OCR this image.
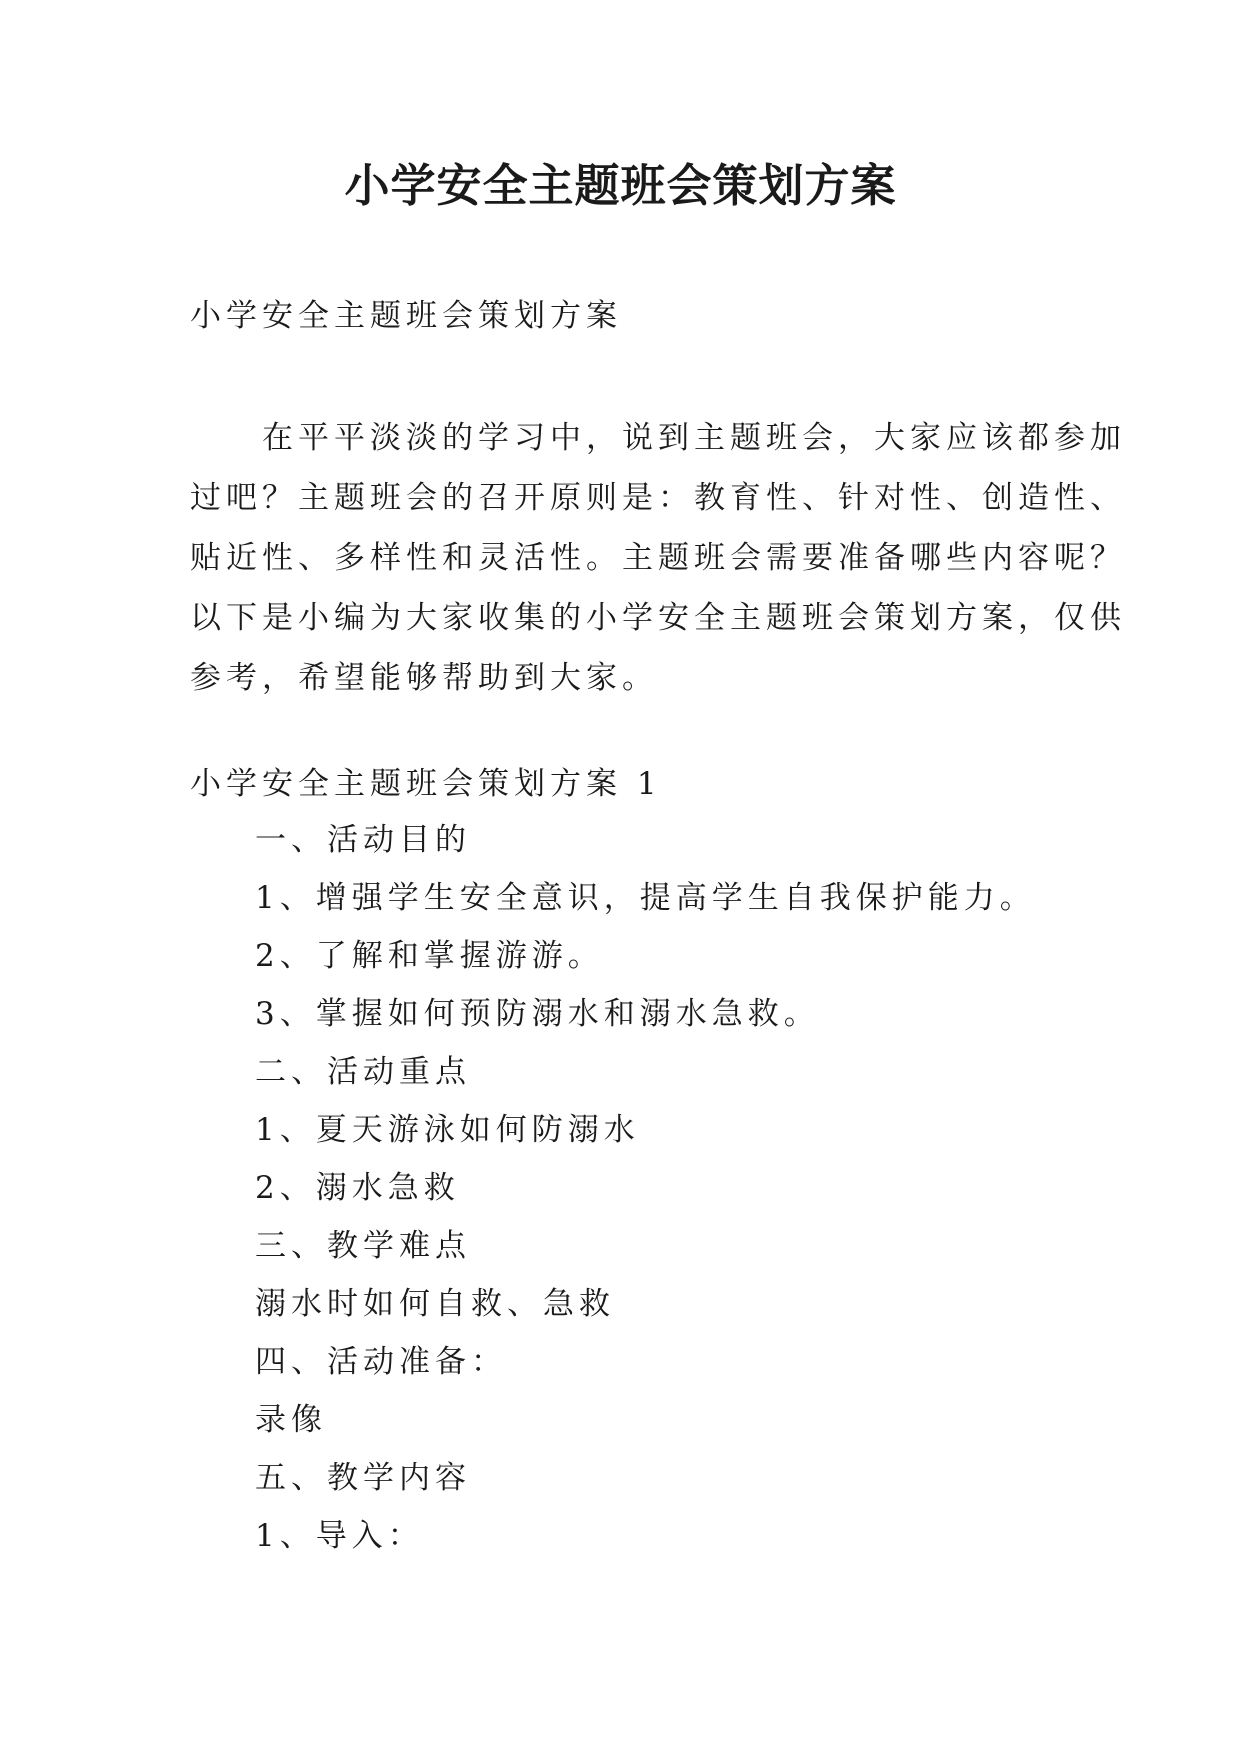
小学安全主题班会策划方案
小学安全主题班会策划方案
　　在平平淡淡的学习中，说到主题班会，大家应该都参加
过吧？主题班会的召开原则是：教育性、针对性、创造性、
贴近性、多样性和灵活性。主题班会需要准备哪些内容呢？
以下是小编为大家收集的小学安全主题班会策划方案，仅供
参考，希望能够帮助到大家。
小学安全主题班会策划方案 1
一、活动目的
1、增强学生安全意识，提高学生自我保护能力。
2、了解和掌握游游。
3、掌握如何预防溺水和溺水急救。
二、活动重点
1、夏天游泳如何防溺水
2、溺水急救
三、教学难点
溺水时如何自救、急救
四、活动准备：
录像
五、教学内容
1、导入：
